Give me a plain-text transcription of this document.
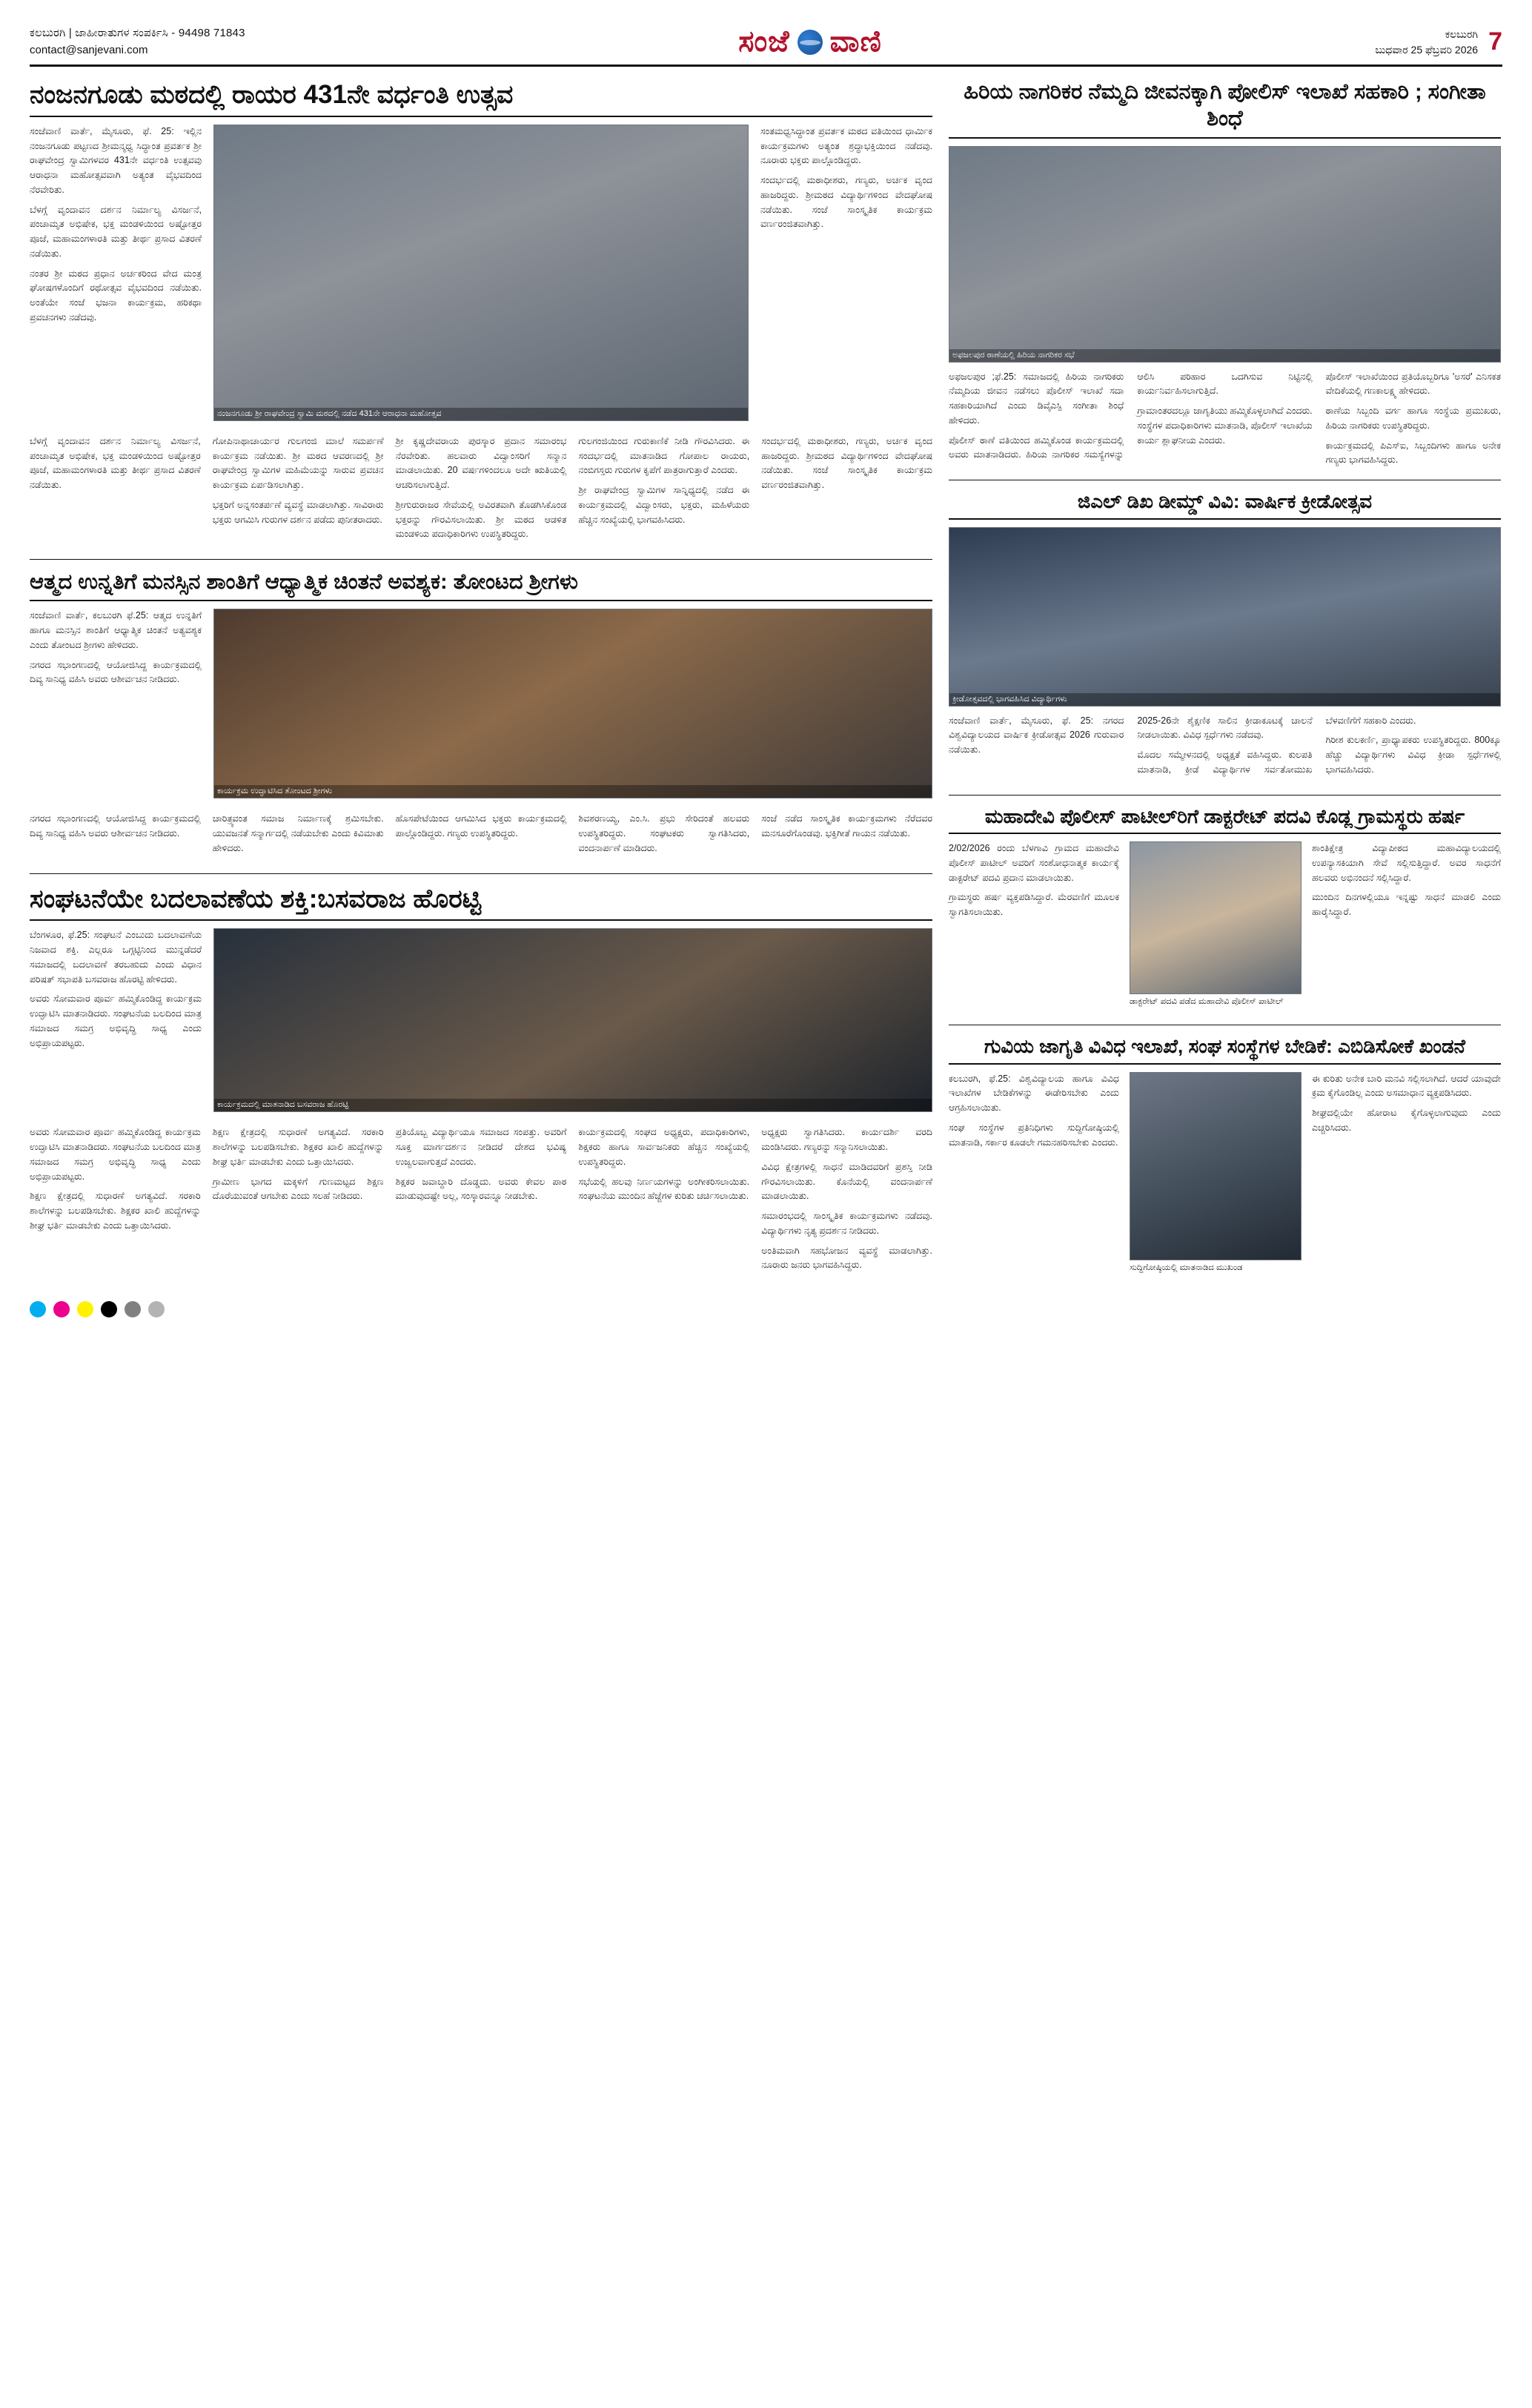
ಕಲಬುರಗಿ | ಜಾಹೀರಾತುಗಳ ಸಂಪರ್ಕಿಸಿ - 94498 71843
contact@sanjevani.com	ಸಂಜೆ ವಾಣಿ	ಕಲಬುರಗಿ
ಬುಧವಾರ 25 ಫೆಬ್ರವರಿ 2026 7
ನಂಜನಗೂಡು ಮಠದಲ್ಲಿ ರಾಯರ 431ನೇ ವರ್ಧಂತಿ ಉತ್ಸವ

ಸಂಜೆವಾಣಿ ವಾರ್ತೆ, ಮೈಸೂರು, ಫೆ. 25: ಇಲ್ಲಿನ ನಂಜನಗೂಡು ಪಟ್ಟಣದ ಶ್ರೀಮನ್ಮಧ್ವ ಸಿದ್ಧಾಂತ ಪ್ರವರ್ತಕ ಶ್ರೀ ರಾಘವೇಂದ್ರ ಸ್ವಾಮಿಗಳವರ 431ನೇ ವರ್ಧಂತಿ ಉತ್ಸವವು ಆರಾಧನಾ ಮಹೋತ್ಸವವಾಗಿ ಅತ್ಯಂತ ವೈಭವದಿಂದ ನೆರವೇರಿತು.

ಬೆಳಗ್ಗೆ ವೃಂದಾವನ ದರ್ಶನ ನಿರ್ಮಾಲ್ಯ ವಿಸರ್ಜನೆ, ಪಂಚಾಮೃತ ಅಭಿಷೇಕ, ಭಕ್ತ ಮಂಡಳಿಯಿಂದ ಅಷ್ಟೋತ್ತರ ಪೂಜೆ, ಮಹಾಮಂಗಳಾರತಿ ಮತ್ತು ತೀರ್ಥ ಪ್ರಸಾದ ವಿತರಣೆ ನಡೆಯಿತು.

ನಂತರ ಶ್ರೀ ಮಠದ ಪ್ರಧಾನ ಅರ್ಚಕರಿಂದ ವೇದ ಮಂತ್ರ ಘೋಷಗಳೊಂದಿಗೆ ರಥೋತ್ಸವ ವೈಭವದಿಂದ ನಡೆಯಿತು. ಅಂತೆಯೇ ಸಂಜೆ ಭಜನಾ ಕಾರ್ಯಕ್ರಮ, ಹರಿಕಥಾ ಪ್ರವಚನಗಳು ನಡೆದವು.

ನಂಜನಗೂಡು ಶ್ರೀ ರಾಘವೇಂದ್ರ ಸ್ವಾಮಿ ಮಠದಲ್ಲಿ ನಡೆದ 431ನೇ ಆರಾಧನಾ ಮಹೋತ್ಸವ

ಸಂತಮಧ್ವಸಿದ್ಧಾಂತ ಪ್ರವರ್ತಕ ಮಠದ ವತಿಯಿಂದ ಧಾರ್ಮಿಕ ಕಾರ್ಯಕ್ರಮಗಳು ಅತ್ಯಂತ ಶ್ರದ್ಧಾಭಕ್ತಿಯಿಂದ ನಡೆದವು. ನೂರಾರು ಭಕ್ತರು ಪಾಲ್ಗೊಂಡಿದ್ದರು.

ಸಂದರ್ಭದಲ್ಲಿ ಮಠಾಧೀಶರು, ಗಣ್ಯರು, ಅರ್ಚಕ ವೃಂದ ಹಾಜರಿದ್ದರು. ಶ್ರೀಮಠದ ವಿದ್ಯಾರ್ಥಿಗಳಿಂದ ವೇದಘೋಷ ನಡೆಯಿತು. ಸಂಜೆ ಸಾಂಸ್ಕೃತಿಕ ಕಾರ್ಯಕ್ರಮ ವರ್ಣರಂಜಿತವಾಗಿತ್ತು.

ಬೆಳಗ್ಗೆ ವೃಂದಾವನ ದರ್ಶನ ನಿರ್ಮಾಲ್ಯ ವಿಸರ್ಜನೆ, ಪಂಚಾಮೃತ ಅಭಿಷೇಕ, ಭಕ್ತ ಮಂಡಳಿಯಿಂದ ಅಷ್ಟೋತ್ತರ ಪೂಜೆ, ಮಹಾಮಂಗಳಾರತಿ ಮತ್ತು ತೀರ್ಥ ಪ್ರಸಾದ ವಿತರಣೆ ನಡೆಯಿತು.

ಗೋಪಿನಾಥಾಚಾರ್ಯರ ಗುಲಗಂಜಿ ಮಾಲೆ ಸಮರ್ಪಣೆ ಕಾರ್ಯಕ್ರಮ ನಡೆಯಿತು. ಶ್ರೀ ಮಠದ ಆವರಣದಲ್ಲಿ ಶ್ರೀ ರಾಘವೇಂದ್ರ ಸ್ವಾಮಿಗಳ ಮಹಿಮೆಯನ್ನು ಸಾರುವ ಪ್ರವಚನ ಕಾರ್ಯಕ್ರಮ ಏರ್ಪಡಿಸಲಾಗಿತ್ತು.

ಭಕ್ತರಿಗೆ ಅನ್ನಸಂತರ್ಪಣೆ ವ್ಯವಸ್ಥೆ ಮಾಡಲಾಗಿತ್ತು. ಸಾವಿರಾರು ಭಕ್ತರು ಆಗಮಿಸಿ ಗುರುಗಳ ದರ್ಶನ ಪಡೆದು ಪುನೀತರಾದರು.

ಶ್ರೀ ಕೃಷ್ಣದೇವರಾಯ ಪುರಸ್ಕಾರ ಪ್ರದಾನ ಸಮಾರಂಭ ನೆರವೇರಿತು. ಹಲವಾರು ವಿದ್ವಾಂಸರಿಗೆ ಸನ್ಮಾನ ಮಾಡಲಾಯಿತು. 20 ವರ್ಷಗಳಿಂದಲೂ ಅದೇ ಋತಿಯಲ್ಲಿ ಆಚರಿಸಲಾಗುತ್ತಿದೆ.

ಶ್ರೀಗುರುರಾಜರ ಸೇವೆಯಲ್ಲಿ ಅವಿರತವಾಗಿ ತೊಡಗಿಸಿಕೊಂಡ ಭಕ್ತರನ್ನು ಗೌರವಿಸಲಾಯಿತು. ಶ್ರೀ ಮಠದ ಆಡಳಿತ ಮಂಡಳಿಯ ಪದಾಧಿಕಾರಿಗಳು ಉಪಸ್ಥಿತರಿದ್ದರು.

ಗುಲಗಂಜಿಯಿಂದ ಗುರುಕಾಣಿಕೆ ನೀಡಿ ಗೌರವಿಸಿದರು. ಈ ಸಂದರ್ಭದಲ್ಲಿ ಮಾತನಾಡಿದ ಗೋಪಾಲ ರಾಯರು, ನಂಬಿಗಸ್ತರು ಗುರುಗಳ ಕೃಪೆಗೆ ಪಾತ್ರರಾಗುತ್ತಾರೆ ಎಂದರು.

ಶ್ರೀ ರಾಘವೇಂದ್ರ ಸ್ವಾಮಿಗಳ ಸಾನ್ನಿಧ್ಯದಲ್ಲಿ ನಡೆದ ಈ ಕಾರ್ಯಕ್ರಮದಲ್ಲಿ ವಿದ್ವಾಂಸರು, ಭಕ್ತರು, ಮಹಿಳೆಯರು ಹೆಚ್ಚಿನ ಸಂಖ್ಯೆಯಲ್ಲಿ ಭಾಗವಹಿಸಿದರು.

ಸಂದರ್ಭದಲ್ಲಿ ಮಠಾಧೀಶರು, ಗಣ್ಯರು, ಅರ್ಚಕ ವೃಂದ ಹಾಜರಿದ್ದರು. ಶ್ರೀಮಠದ ವಿದ್ಯಾರ್ಥಿಗಳಿಂದ ವೇದಘೋಷ ನಡೆಯಿತು. ಸಂಜೆ ಸಾಂಸ್ಕೃತಿಕ ಕಾರ್ಯಕ್ರಮ ವರ್ಣರಂಜಿತವಾಗಿತ್ತು.

ಆತ್ಮದ ಉನ್ನತಿಗೆ ಮನಸ್ಸಿನ ಶಾಂತಿಗೆ ಆಧ್ಯಾತ್ಮಿಕ ಚಿಂತನೆ ಅವಶ್ಯಕ: ತೋಂಟದ ಶ್ರೀಗಳು

ಸಂಜೆವಾಣಿ ವಾರ್ತೆ, ಕಲಬುರಗಿ ಫೆ.25: ಆತ್ಮದ ಉನ್ನತಿಗೆ ಹಾಗೂ ಮನಸ್ಸಿನ ಶಾಂತಿಗೆ ಆಧ್ಯಾತ್ಮಿಕ ಚಿಂತನೆ ಅತ್ಯವಶ್ಯಕ ಎಂದು ತೋಂಟದ ಶ್ರೀಗಳು ಹೇಳಿದರು.

ನಗರದ ಸಭಾಂಗಣದಲ್ಲಿ ಆಯೋಜಿಸಿದ್ದ ಕಾರ್ಯಕ್ರಮದಲ್ಲಿ ದಿವ್ಯ ಸಾನಿಧ್ಯ ವಹಿಸಿ ಅವರು ಆಶೀರ್ವಚನ ನೀಡಿದರು.

ಕಾರ್ಯಕ್ರಮ ಉದ್ಘಾಟಿಸಿದ ತೋಂಟದ ಶ್ರೀಗಳು

ನಗರದ ಸಭಾಂಗಣದಲ್ಲಿ ಆಯೋಜಿಸಿದ್ದ ಕಾರ್ಯಕ್ರಮದಲ್ಲಿ ದಿವ್ಯ ಸಾನಿಧ್ಯ ವಹಿಸಿ ಅವರು ಆಶೀರ್ವಚನ ನೀಡಿದರು.

ಚಾರಿತ್ರ್ಯವಂತ ಸಮಾಜ ನಿರ್ಮಾಣಕ್ಕೆ ಶ್ರಮಿಸಬೇಕು. ಯುವಜನತೆ ಸನ್ಮಾರ್ಗದಲ್ಲಿ ನಡೆಯಬೇಕು ಎಂದು ಕಿವಿಮಾತು ಹೇಳಿದರು.

ಹೊಸಪೇಟೆಯಿಂದ ಆಗಮಿಸಿದ ಭಕ್ತರು ಕಾರ್ಯಕ್ರಮದಲ್ಲಿ ಪಾಲ್ಗೊಂಡಿದ್ದರು. ಗಣ್ಯರು ಉಪಸ್ಥಿತರಿದ್ದರು.

ಶಿವಶರಣಯ್ಯ, ಎಂ.ಸಿ. ಪ್ರಭು ಸೇರಿದಂತೆ ಹಲವರು ಉಪಸ್ಥಿತರಿದ್ದರು. ಸಂಘಟಕರು ಸ್ವಾಗತಿಸಿದರು, ವಂದನಾರ್ಪಣೆ ಮಾಡಿದರು.

ಸಂಜೆ ನಡೆದ ಸಾಂಸ್ಕೃತಿಕ ಕಾರ್ಯಕ್ರಮಗಳು ನೆರೆದವರ ಮನಸೂರೆಗೊಂಡವು. ಭಕ್ತಿಗೀತೆ ಗಾಯನ ನಡೆಯಿತು.

ಸಂಘಟನೆಯೇ ಬದಲಾವಣೆಯ ಶಕ್ತಿ:ಬಸವರಾಜ ಹೊರಟ್ಟಿ

ಬೆಂಗಳೂರ, ಫೆ.25: ಸಂಘಟನೆ ಎಂಬುದು ಬದಲಾವಣೆಯ ನಿಜವಾದ ಶಕ್ತಿ. ಎಲ್ಲರೂ ಒಗ್ಗಟ್ಟಿನಿಂದ ಮುನ್ನಡೆದರೆ ಸಮಾಜದಲ್ಲಿ ಬದಲಾವಣೆ ತರಬಹುದು ಎಂದು ವಿಧಾನ ಪರಿಷತ್ ಸಭಾಪತಿ ಬಸವರಾಜ ಹೊರಟ್ಟಿ ಹೇಳಿದರು.

ಅವರು ಸೋಮವಾರ ಪೂರ್ವ ಹಮ್ಮಿಕೊಂಡಿದ್ದ ಕಾರ್ಯಕ್ರಮ ಉದ್ಘಾಟಿಸಿ ಮಾತನಾಡಿದರು. ಸಂಘಟನೆಯ ಬಲದಿಂದ ಮಾತ್ರ ಸಮಾಜದ ಸಮಗ್ರ ಅಭಿವೃದ್ಧಿ ಸಾಧ್ಯ ಎಂದು ಅಭಿಪ್ರಾಯಪಟ್ಟರು.

ಕಾರ್ಯಕ್ರಮದಲ್ಲಿ ಮಾತನಾಡಿದ ಬಸವರಾಜ ಹೊರಟ್ಟಿ

ಅವರು ಸೋಮವಾರ ಪೂರ್ವ ಹಮ್ಮಿಕೊಂಡಿದ್ದ ಕಾರ್ಯಕ್ರಮ ಉದ್ಘಾಟಿಸಿ ಮಾತನಾಡಿದರು. ಸಂಘಟನೆಯ ಬಲದಿಂದ ಮಾತ್ರ ಸಮಾಜದ ಸಮಗ್ರ ಅಭಿವೃದ್ಧಿ ಸಾಧ್ಯ ಎಂದು ಅಭಿಪ್ರಾಯಪಟ್ಟರು.

ಶಿಕ್ಷಣ ಕ್ಷೇತ್ರದಲ್ಲಿ ಸುಧಾರಣೆ ಅಗತ್ಯವಿದೆ. ಸರಕಾರಿ ಶಾಲೆಗಳನ್ನು ಬಲಪಡಿಸಬೇಕು. ಶಿಕ್ಷಕರ ಖಾಲಿ ಹುದ್ದೆಗಳನ್ನು ಶೀಘ್ರ ಭರ್ತಿ ಮಾಡಬೇಕು ಎಂದು ಒತ್ತಾಯಿಸಿದರು.

ಶಿಕ್ಷಣ ಕ್ಷೇತ್ರದಲ್ಲಿ ಸುಧಾರಣೆ ಅಗತ್ಯವಿದೆ. ಸರಕಾರಿ ಶಾಲೆಗಳನ್ನು ಬಲಪಡಿಸಬೇಕು. ಶಿಕ್ಷಕರ ಖಾಲಿ ಹುದ್ದೆಗಳನ್ನು ಶೀಘ್ರ ಭರ್ತಿ ಮಾಡಬೇಕು ಎಂದು ಒತ್ತಾಯಿಸಿದರು.

ಗ್ರಾಮೀಣ ಭಾಗದ ಮಕ್ಕಳಿಗೆ ಗುಣಮಟ್ಟದ ಶಿಕ್ಷಣ ದೊರೆಯುವಂತೆ ಆಗಬೇಕು ಎಂದು ಸಲಹೆ ನೀಡಿದರು.

ಪ್ರತಿಯೊಬ್ಬ ವಿದ್ಯಾರ್ಥಿಯೂ ಸಮಾಜದ ಸಂಪತ್ತು. ಅವರಿಗೆ ಸೂಕ್ತ ಮಾರ್ಗದರ್ಶನ ನೀಡಿದರೆ ದೇಶದ ಭವಿಷ್ಯ ಉಜ್ವಲವಾಗುತ್ತದೆ ಎಂದರು.

ಶಿಕ್ಷಕರ ಜವಾಬ್ದಾರಿ ದೊಡ್ಡದು. ಅವರು ಕೇವಲ ಪಾಠ ಮಾಡುವುದಷ್ಟೇ ಅಲ್ಲ, ಸಂಸ್ಕಾರವನ್ನೂ ನೀಡಬೇಕು.

ಕಾರ್ಯಕ್ರಮದಲ್ಲಿ ಸಂಘದ ಅಧ್ಯಕ್ಷರು, ಪದಾಧಿಕಾರಿಗಳು, ಶಿಕ್ಷಕರು ಹಾಗೂ ಸಾರ್ವಜನಿಕರು ಹೆಚ್ಚಿನ ಸಂಖ್ಯೆಯಲ್ಲಿ ಉಪಸ್ಥಿತರಿದ್ದರು.

ಸಭೆಯಲ್ಲಿ ಹಲವು ನಿರ್ಣಯಗಳನ್ನು ಅಂಗೀಕರಿಸಲಾಯಿತು. ಸಂಘಟನೆಯ ಮುಂದಿನ ಹೆಜ್ಜೆಗಳ ಕುರಿತು ಚರ್ಚಿಸಲಾಯಿತು.

ಅಧ್ಯಕ್ಷರು ಸ್ವಾಗತಿಸಿದರು. ಕಾರ್ಯದರ್ಶಿ ವರದಿ ಮಂಡಿಸಿದರು. ಗಣ್ಯರನ್ನು ಸನ್ಮಾನಿಸಲಾಯಿತು.

ವಿವಿಧ ಕ್ಷೇತ್ರಗಳಲ್ಲಿ ಸಾಧನೆ ಮಾಡಿದವರಿಗೆ ಪ್ರಶಸ್ತಿ ನೀಡಿ ಗೌರವಿಸಲಾಯಿತು. ಕೊನೆಯಲ್ಲಿ ವಂದನಾರ್ಪಣೆ ಮಾಡಲಾಯಿತು.

ಸಮಾರಂಭದಲ್ಲಿ ಸಾಂಸ್ಕೃತಿಕ ಕಾರ್ಯಕ್ರಮಗಳು ನಡೆದವು. ವಿದ್ಯಾರ್ಥಿಗಳು ನೃತ್ಯ ಪ್ರದರ್ಶನ ನೀಡಿದರು.

ಅಂತಿಮವಾಗಿ ಸಹಭೋಜನ ವ್ಯವಸ್ಥೆ ಮಾಡಲಾಗಿತ್ತು. ನೂರಾರು ಜನರು ಭಾಗವಹಿಸಿದ್ದರು.

ಹಿರಿಯ ನಾಗರಿಕರ ನೆಮ್ಮದಿ ಜೀವನಕ್ಕಾಗಿ ಪೋಲಿಸ್ ಇಲಾಖೆ ಸಹಕಾರಿ ; ಸಂಗೀತಾ ಶಿಂಧೆ
ಅಫಜಲಪುರ ಠಾಣೆಯಲ್ಲಿ ಹಿರಿಯ ನಾಗರಿಕರ ಸಭೆ

ಅಫಜಲಪುರ ;ಫೆ.25: ಸಮಾಜದಲ್ಲಿ ಹಿರಿಯ ನಾಗರಿಕರು ನೆಮ್ಮದಿಯ ಜೀವನ ನಡೆಸಲು ಪೊಲೀಸ್ ಇಲಾಖೆ ಸದಾ ಸಹಕಾರಿಯಾಗಿದೆ ಎಂದು ಡಿವೈಎಸ್ಪಿ ಸಂಗೀತಾ ಶಿಂಧೆ ಹೇಳಿದರು.

ಪೊಲೀಸ್ ಠಾಣೆ ವತಿಯಿಂದ ಹಮ್ಮಿಕೊಂಡ ಕಾರ್ಯಕ್ರಮದಲ್ಲಿ ಅವರು ಮಾತನಾಡಿದರು. ಹಿರಿಯ ನಾಗರಿಕರ ಸಮಸ್ಯೆಗಳನ್ನು ಆಲಿಸಿ ಪರಿಹಾರ ಒದಗಿಸುವ ನಿಟ್ಟಿನಲ್ಲಿ ಕಾರ್ಯನಿರ್ವಹಿಸಲಾಗುತ್ತಿದೆ.

ಗ್ರಾಮಾಂತರದಲ್ಲೂ ಜಾಗೃತಿಯು ಹಮ್ಮಿಕೊಳ್ಳಲಾಗಿದೆ ಎಂದರು. ಸಂಸ್ಥೆಗಳ ಪದಾಧಿಕಾರಿಗಳು ಮಾತನಾಡಿ, ಪೊಲೀಸ್ ಇಲಾಖೆಯ ಕಾರ್ಯ ಶ್ಲಾಘನೀಯ ಎಂದರು.

ಪೊಲೀಸ್ ಇಲಾಖೆಯಿಂದ ಪ್ರತಿಯೊಬ್ಬರಿಗೂ 'ಅಸರೆ' ಎನಿಸಕತ ವೇದಿಕೆಯಲ್ಲಿ ಗಣಕಾಲಕ್ಷ್ಮ ಹೇಳಿದರು.

ಠಾಣೆಯ ಸಿಬ್ಬಂದಿ ವರ್ಗ ಹಾಗೂ ಸಂಸ್ಥೆಯ ಪ್ರಮುಖರು, ಹಿರಿಯ ನಾಗರಿಕರು ಉಪಸ್ಥಿತರಿದ್ದರು.

ಕಾರ್ಯಕ್ರಮದಲ್ಲಿ ಪಿಎಸ್ಐ, ಸಿಬ್ಬಂದಿಗಳು ಹಾಗೂ ಅನೇಕ ಗಣ್ಯರು ಭಾಗವಹಿಸಿದ್ದರು.

ಜಿಎಲ್ ಡಿಖ ಡೀಮ್ಡ್ ವಿವಿ: ವಾರ್ಷಿಕ ಕ್ರೀಡೋತ್ಸವ
ಕ್ರೀಡೋತ್ಸವದಲ್ಲಿ ಭಾಗವಹಿಸಿದ ವಿದ್ಯಾರ್ಥಿಗಳು

ಸಂಜೆವಾಣಿ ವಾರ್ತೆ, ಮೈಸೂರು, ಫೆ. 25: ನಗರದ ವಿಶ್ವವಿದ್ಯಾಲಯದ ವಾರ್ಷಿಕ ಕ್ರೀಡೋತ್ಸವ 2026 ಗುರುವಾರ ನಡೆಯಿತು.

2025-26ನೇ ಶೈಕ್ಷಣಿಕ ಸಾಲಿನ ಕ್ರೀಡಾಕೂಟಕ್ಕೆ ಚಾಲನೆ ನೀಡಲಾಯಿತು. ವಿವಿಧ ಸ್ಪರ್ಧೆಗಳು ನಡೆದವು.

ಮೊದಲ ಸಮ್ಮೇಳನದಲ್ಲಿ ಅಧ್ಯಕ್ಷತೆ ವಹಿಸಿದ್ದರು. ಕುಲಪತಿ ಮಾತನಾಡಿ, ಕ್ರೀಡೆ ವಿದ್ಯಾರ್ಥಿಗಳ ಸರ್ವತೋಮುಖ ಬೆಳವಣಿಗೆಗೆ ಸಹಕಾರಿ ಎಂದರು.

ಗಿರೀಶ ಕುಲಕರ್ಣಿ, ಪ್ರಾಧ್ಯಾಪಕರು ಉಪಸ್ಥಿತರಿದ್ದರು. 800ಕ್ಕೂ ಹೆಚ್ಚು ವಿದ್ಯಾರ್ಥಿಗಳು ವಿವಿಧ ಕ್ರೀಡಾ ಸ್ಪರ್ಧೆಗಳಲ್ಲಿ ಭಾಗವಹಿಸಿದರು.

ಮಹಾದೇವಿ ಪೊಲೀಸ್ ಪಾಟೀಲ್‌ರಿಗೆ ಡಾಕ್ಟರೇಟ್ ಪದವಿ ಕೊಡ್ಲ ಗ್ರಾಮಸ್ಥರು ಹರ್ಷ

2/02/2026 ರಂದು ಬೆಳಗಾವಿ ಗ್ರಾಮದ ಮಹಾದೇವಿ ಪೊಲೀಸ್ ಪಾಟೀಲ್ ಅವರಿಗೆ ಸಂಶೋಧನಾತ್ಮಕ ಕಾರ್ಯಕ್ಕೆ ಡಾಕ್ಟರೇಟ್ ಪದವಿ ಪ್ರದಾನ ಮಾಡಲಾಯಿತು.

ಗ್ರಾಮಸ್ಥರು ಹರ್ಷ ವ್ಯಕ್ತಪಡಿಸಿದ್ದಾರೆ. ಮೆರವಣಿಗೆ ಮೂಲಕ ಸ್ವಾಗತಿಸಲಾಯಿತು.

ಡಾಕ್ಟರೇಟ್ ಪದವಿ ಪಡೆದ ಮಹಾದೇವಿ ಪೊಲೀಸ್ ಪಾಟೀಲ್

ಶಾಂತಿಕ್ಷೇತ್ರ ವಿದ್ಯಾಪೀಠದ ಮಹಾವಿದ್ಯಾಲಯದಲ್ಲಿ ಉಪನ್ಯಾಸಕಿಯಾಗಿ ಸೇವೆ ಸಲ್ಲಿಸುತ್ತಿದ್ದಾರೆ. ಅವರ ಸಾಧನೆಗೆ ಹಲವರು ಅಭಿನಂದನೆ ಸಲ್ಲಿಸಿದ್ದಾರೆ.

ಮುಂದಿನ ದಿನಗಳಲ್ಲಿಯೂ ಇನ್ನಷ್ಟು ಸಾಧನೆ ಮಾಡಲಿ ಎಂದು ಹಾರೈಸಿದ್ದಾರೆ.

ಗುವಿಯ ಜಾಗೃತಿ ವಿವಿಧ ಇಲಾಖೆ, ಸಂಘ ಸಂಸ್ಥೆಗಳ ಬೇಡಿಕೆ: ಎಬಿಡಿಸೋಕೆ ಖಂಡನೆ

ಕಲಬುರಗಿ, ಫೆ.25: ವಿಶ್ವವಿದ್ಯಾಲಯ ಹಾಗೂ ವಿವಿಧ ಇಲಾಖೆಗಳ ಬೇಡಿಕೆಗಳನ್ನು ಈಡೇರಿಸಬೇಕು ಎಂದು ಆಗ್ರಹಿಸಲಾಯಿತು.

ಸಂಘ ಸಂಸ್ಥೆಗಳ ಪ್ರತಿನಿಧಿಗಳು ಸುದ್ದಿಗೋಷ್ಠಿಯಲ್ಲಿ ಮಾತನಾಡಿ, ಸರ್ಕಾರ ಕೂಡಲೇ ಗಮನಹರಿಸಬೇಕು ಎಂದರು.

ಸುದ್ದಿಗೋಷ್ಠಿಯಲ್ಲಿ ಮಾತನಾಡಿದ ಮುಖಂಡ

ಈ ಕುರಿತು ಅನೇಕ ಬಾರಿ ಮನವಿ ಸಲ್ಲಿಸಲಾಗಿದೆ. ಆದರೆ ಯಾವುದೇ ಕ್ರಮ ಕೈಗೊಂಡಿಲ್ಲ ಎಂದು ಅಸಮಾಧಾನ ವ್ಯಕ್ತಪಡಿಸಿದರು.

ಶೀಘ್ರದಲ್ಲಿಯೇ ಹೋರಾಟ ಕೈಗೊಳ್ಳಲಾಗುವುದು ಎಂದು ಎಚ್ಚರಿಸಿದರು.
